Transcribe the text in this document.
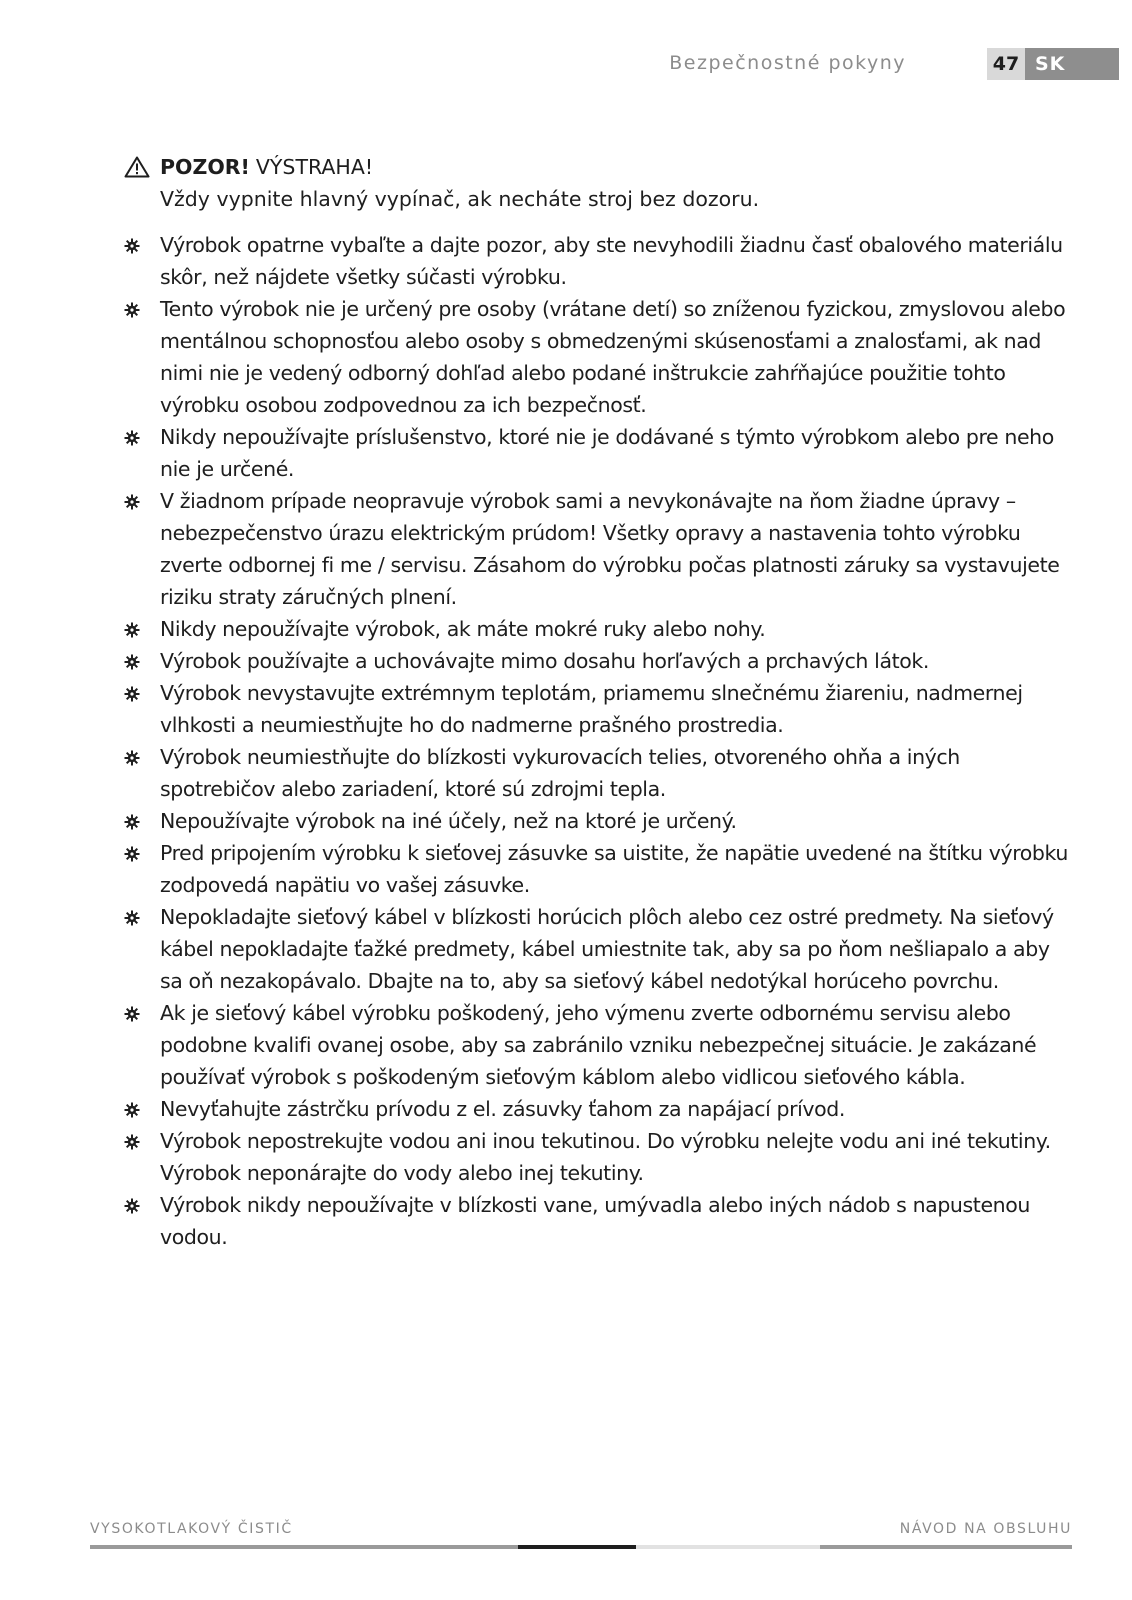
Bezpečnostné pokyny	47 SK
POZOR! VÝSTRAHA!
Vždy vypnite hlavný vypínač, ak necháte stroj bez dozoru.
Výrobok opatrne vybaľte a dajte pozor, aby ste nevyhodili žiadnu časť obalového materiálu skôr, než nájdete všetky súčasti výrobku.
Tento výrobok nie je určený pre osoby (vrátane detí) so zníženou fyzickou, zmyslovou alebo mentálnou schopnosťou alebo osoby s obmedzenými skúsenosťami a znalosťami, ak nad nimi nie je vedený odborný dohľad alebo podané inštrukcie zahŕňajúce použitie tohto výrobku osobou zodpovednou za ich bezpečnosť.
Nikdy nepoužívajte príslušenstvo, ktoré nie je dodávané s týmto výrobkom alebo pre neho nie je určené.
V žiadnom prípade neopravuje výrobok sami a nevykonávajte na ňom žiadne úpravy – nebezpečenstvo úrazu elektrickým prúdom! Všetky opravy a nastavenia tohto výrobku zverte odbornej fi me / servisu. Zásahom do výrobku počas platnosti záruky sa vystavujete riziku straty záručných plnení.
Nikdy nepoužívajte výrobok, ak máte mokré ruky alebo nohy.
Výrobok používajte a uchovávajte mimo dosahu horľavých a prchavých látok.
Výrobok nevystavujte extrémnym teplotám, priamemu slnečnému žiareniu, nadmernej vlhkosti a neumiestňujte ho do nadmerne prašného prostredia.
Výrobok neumiestňujte do blízkosti vykurovacích telies, otvoreného ohňa a iných spotrebičov alebo zariadení, ktoré sú zdrojmi tepla.
Nepoužívajte výrobok na iné účely, než na ktoré je určený.
Pred pripojením výrobku k sieťovej zásuvke sa uistite, že napätie uvedené na štítku výrobku zodpovedá napätiu vo vašej zásuvke.
Nepokladajte sieťový kábel v blízkosti horúcich plôch alebo cez ostré predmety. Na sieťový kábel nepokladajte ťažké predmety, kábel umiestnite tak, aby sa po ňom nešliapalo a aby sa oň nezakopávalo. Dbajte na to, aby sa sieťový kábel nedotýkal horúceho povrchu.
Ak je sieťový kábel výrobku poškodený, jeho výmenu zverte odbornému servisu alebo podobne kvalifi ovanej osobe, aby sa zabránilo vzniku nebezpečnej situácie. Je zakázané používať výrobok s poškodeným sieťovým káblom alebo vidlicou sieťového kábla.
Nevyťahujte zástrčku prívodu z el. zásuvky ťahom za napájací prívod.
Výrobok nepostrekujte vodou ani inou tekutinou. Do výrobku nelejte vodu ani iné tekutiny. Výrobok neponárajte do vody alebo inej tekutiny.
Výrobok nikdy nepoužívajte v blízkosti vane, umývadla alebo iných nádob s napustenou vodou.
VYSOKOTLAKOVÝ ČISTIČ	NÁVOD NA OBSLUHU
